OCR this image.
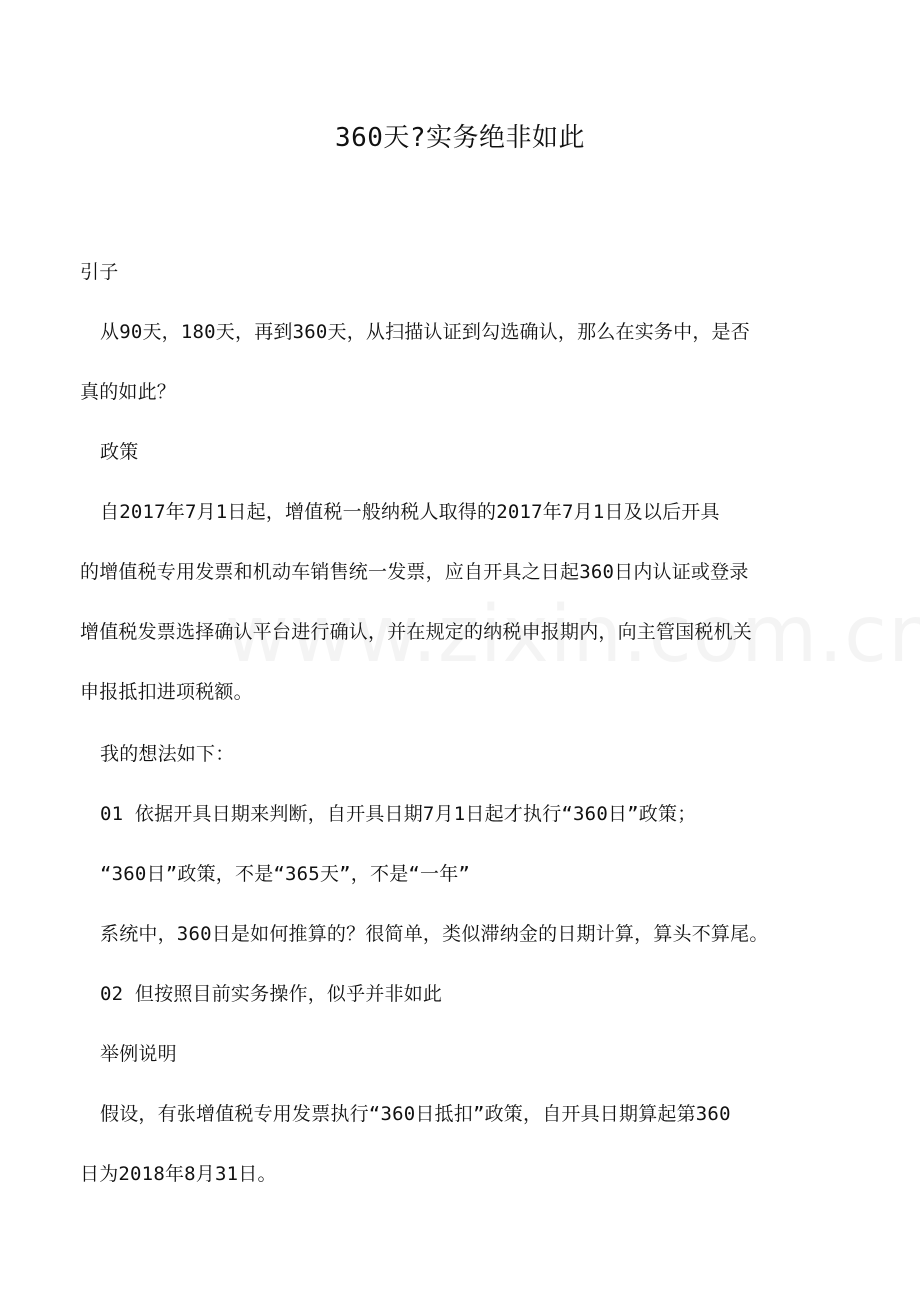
360天?实务绝非如此
引子
从90天，180天，再到360天，从扫描认证到勾选确认，那么在实务中，是否
真的如此？
政策
自2017年7月1日起，增值税一般纳税人取得的2017年7月1日及以后开具
的增值税专用发票和机动车销售统一发票，应自开具之日起360日内认证或登录
增值税发票选择确认平台进行确认，并在规定的纳税申报期内，向主管国税机关
申报抵扣进项税额。
我的想法如下：
01 依据开具日期来判断，自开具日期7月1日起才执行“360日”政策；
“360日”政策，不是“365天”，不是“一年”
系统中，360日是如何推算的？很简单，类似滞纳金的日期计算，算头不算尾。
02 但按照目前实务操作，似乎并非如此
举例说明
假设，有张增值税专用发票执行“360日抵扣”政策，自开具日期算起第360
日为2018年8月31日。
